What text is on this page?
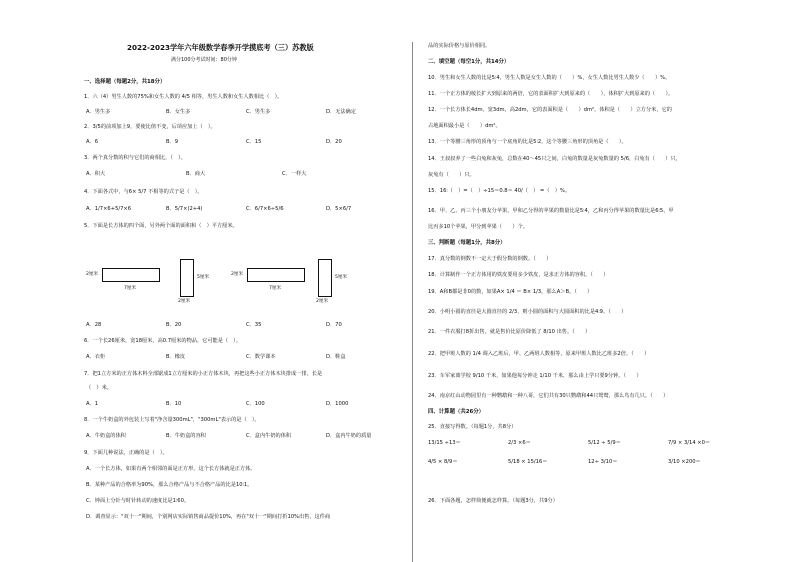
2022-2023学年六年级数学春季开学摸底考（三）苏教版
满分100分考试时间：80分钟
一、选择题（每题2分，共18分）
1．六（4）男生人数的75%和女生人数的 4/5 相等，男生人数和女生人数相比（　）。
A．男生多	B．女生多	C．男生多	D．无法确定
2．3/5的前项加上9，要使比值不变，后项应加上（　）。
A．6	B．9	C．15	D．20
3．两个真分数的积与它们的商相比，（　）。
A．积大	B．商大	C．一样大
4．下面各式中，与6× 5/7 不相等的式子是（　）。
A．1/7×6+5/7×6	B．5/7×(2+4)	C．6/7×6÷5/6	D．5×6/7
5．下面是长方体的四个面，另外两个面的面积和（　）平方厘米。
2厘米
7厘米
5厘米
2厘米
2厘米
7厘米
5厘米
2厘米
A．28	B．20	C．35	D．70
6．一个长26厘米，宽18厘米，高0.7厘米的物品，它可能是（　）。
A．衣柜	B．橡皮	C．数学课本	D．鞋盒
7．把1立方米的正方体木料全部锯成1立方厘米的小正方体木块，再把这些小正方体木块排成一排，长是
（　）米。
A．1	B．10	C．100	D．1000
8．一个牛奶盒的外包装上写着"净含量300mL"，"300mL"表示的是（　）。
A．牛奶盒的体积	B．牛奶盒的容积	C．盒内牛奶的体积	D．盒内牛奶的质量
9．下面几种说法，正确的是（　）。
A．一个长方体，如果有两个相邻的面是正方形，这个长方体就是正方体。
B．某种产品的合格率为90%，那么合格产品与不合格产品的比是10∶1。
C．钟面上分针与时针转动的速度比是1∶60。
D．调查显示："双十一"期间，个别网店实际销售商品提价10%，再在"双十一"期间打折10%出售，这件商
品的实际价格与原价相同。
二、填空题（每空1分，共14分）
10．男生和女生人数的比是5∶4，男生人数是女生人数的（　　）%，女生人数比男生人数少（　　）%。
11．一个正方体的棱长扩大到原来的两倍，它的表面积扩大到原来的（　　），体积扩大到原来的（　　）。
12．一个长方体长4dm，宽3dm，高2dm，它的表面积是（　　）dm²，体积是（　　）立方分米，它的
占地面积最小是（　　）dm²。
13．一个等腰三角形的顶角与一个底角的比是5∶2，这个等腰三角形的顶角是（　　）。
14．王叔叔养了一些白兔和灰兔，总数在40～45只之间，白兔的数量是灰兔数量的 5/6，白兔有（　　）只，
灰兔有（　　）只。
15．16∶（　）=（　）÷15＝0.8＝ 40/（　） =（　）%。
16．甲、乙、丙三个小朋友分苹果，甲和乙分得的苹果的数量比是5∶4，乙和丙分得苹果的数量比是6∶5，甲
比丙多10个苹果，甲分到苹果（　　）个。
三、判断题（每题1分，共8分）
17．真分数的倒数不一定大于假分数的倒数。（　　）
18．计算制作一个正方体用的铁皮要用多少铁皮，是求正方体的容积。（　　）
19．A和B都是非0的数，如果A× 1/4 ＝ B× 1/3，那么A＞B。（　　）
20．小明小圆的直径是大圆直径的 2/3，则小圆的面积与大圆面积的比是4∶9。（　　）
21．一件衣服打8折出售，就是售价比原价降低了 8/10 出售。（　　）
22．把甲班人数的 1/4 调入乙班后，甲、乙两班人数相等，原来甲班人数比乙班多2倍。（　　）
23．车军家离学校 9/10 千米，如果他每分钟走 1/10 千米，那么由上学只要9分钟。（　　）
24．南京红山动物园里有一种鹦鹉和一种八哥，它们共有30只鹦鹉和44只鸳鸯，那么鸟有几只。（　　）
四、计算题（共26分）
25．直接写得数。（每题1分，共8分）
13/15 ÷13＝	2/3 ×6＝	5/12 ÷ 5/9＝	7/9 × 3/14 ×0＝
4/5 × 8/9＝	5/18 × 15/16＝	12÷ 3/10＝	3/10 ×200＝
26．下面各题，怎样简便就怎样算。（每题3分，共9分）
